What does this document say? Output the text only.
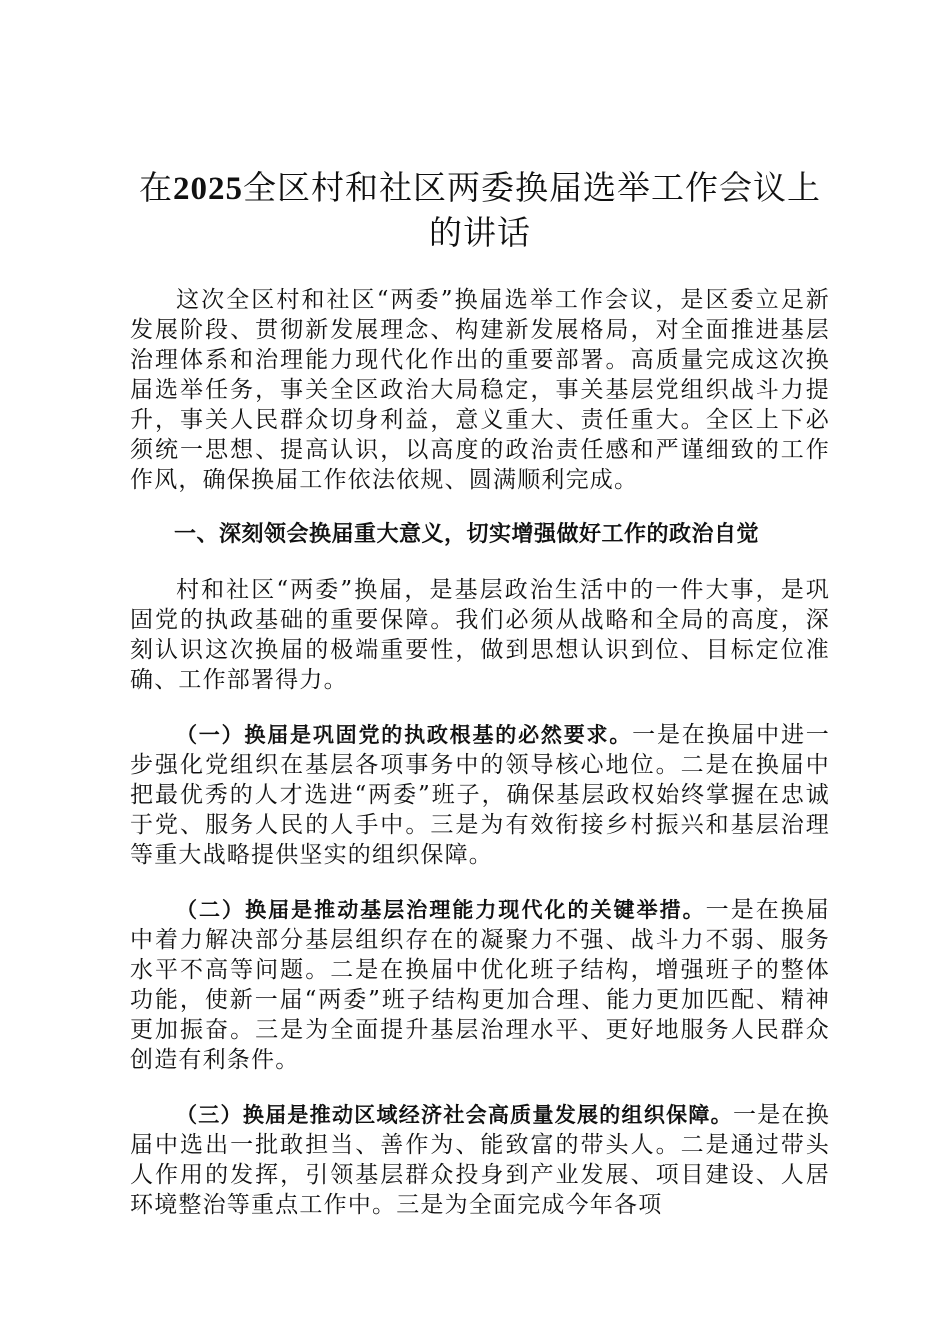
在2025全区村和社区两委换届选举工作会议上的讲话

这次全区村和社区“两委”换届选举工作会议，是区委立足新发展阶段、贯彻新发展理念、构建新发展格局，对全面推进基层治理体系和治理能力现代化作出的重要部署。高质量完成这次换届选举任务，事关全区政治大局稳定，事关基层党组织战斗力提升，事关人民群众切身利益，意义重大、责任重大。全区上下必须统一思想、提高认识，以高度的政治责任感和严谨细致的工作作风，确保换届工作依法依规、圆满顺利完成。

一、深刻领会换届重大意义，切实增强做好工作的政治自觉

村和社区“两委”换届，是基层政治生活中的一件大事，是巩固党的执政基础的重要保障。我们必须从战略和全局的高度，深刻认识这次换届的极端重要性，做到思想认识到位、目标定位准确、工作部署得力。

（一）换届是巩固党的执政根基的必然要求。一是在换届中进一步强化党组织在基层各项事务中的领导核心地位。二是在换届中把最优秀的人才选进“两委”班子，确保基层政权始终掌握在忠诚于党、服务人民的人手中。三是为有效衔接乡村振兴和基层治理等重大战略提供坚实的组织保障。

（二）换届是推动基层治理能力现代化的关键举措。一是在换届中着力解决部分基层组织存在的凝聚力不强、战斗力不弱、服务水平不高等问题。二是在换届中优化班子结构，增强班子的整体功能，使新一届“两委”班子结构更加合理、能力更加匹配、精神更加振奋。三是为全面提升基层治理水平、更好地服务人民群众创造有利条件。

（三）换届是推动区域经济社会高质量发展的组织保障。一是在换届中选出一批敢担当、善作为、能致富的带头人。二是通过带头人作用的发挥，引领基层群众投身到产业发展、项目建设、人居环境整治等重点工作中。三是为全面完成今年各项
